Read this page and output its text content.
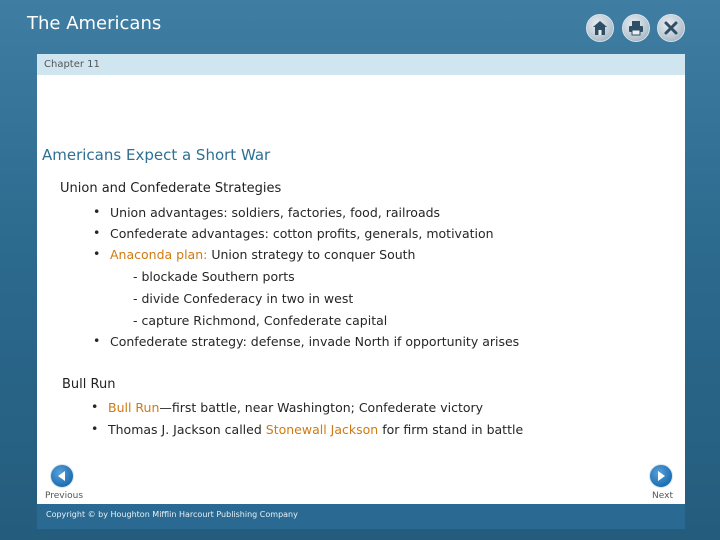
The Americans
Chapter 11
Americans Expect a Short War
Union and Confederate Strategies
• Union advantages: soldiers, factories, food, railroads
• Confederate advantages: cotton profits, generals, motivation
• Anaconda plan: Union strategy to conquer South
- blockade Southern ports
- divide Confederacy in two in west
- capture Richmond, Confederate capital
• Confederate strategy: defense, invade North if opportunity arises
Bull Run
• Bull Run—first battle, near Washington; Confederate victory
• Thomas J. Jackson called Stonewall Jackson for firm stand in battle
Previous	Next
Copyright © by Houghton Mifflin Harcourt Publishing Company
